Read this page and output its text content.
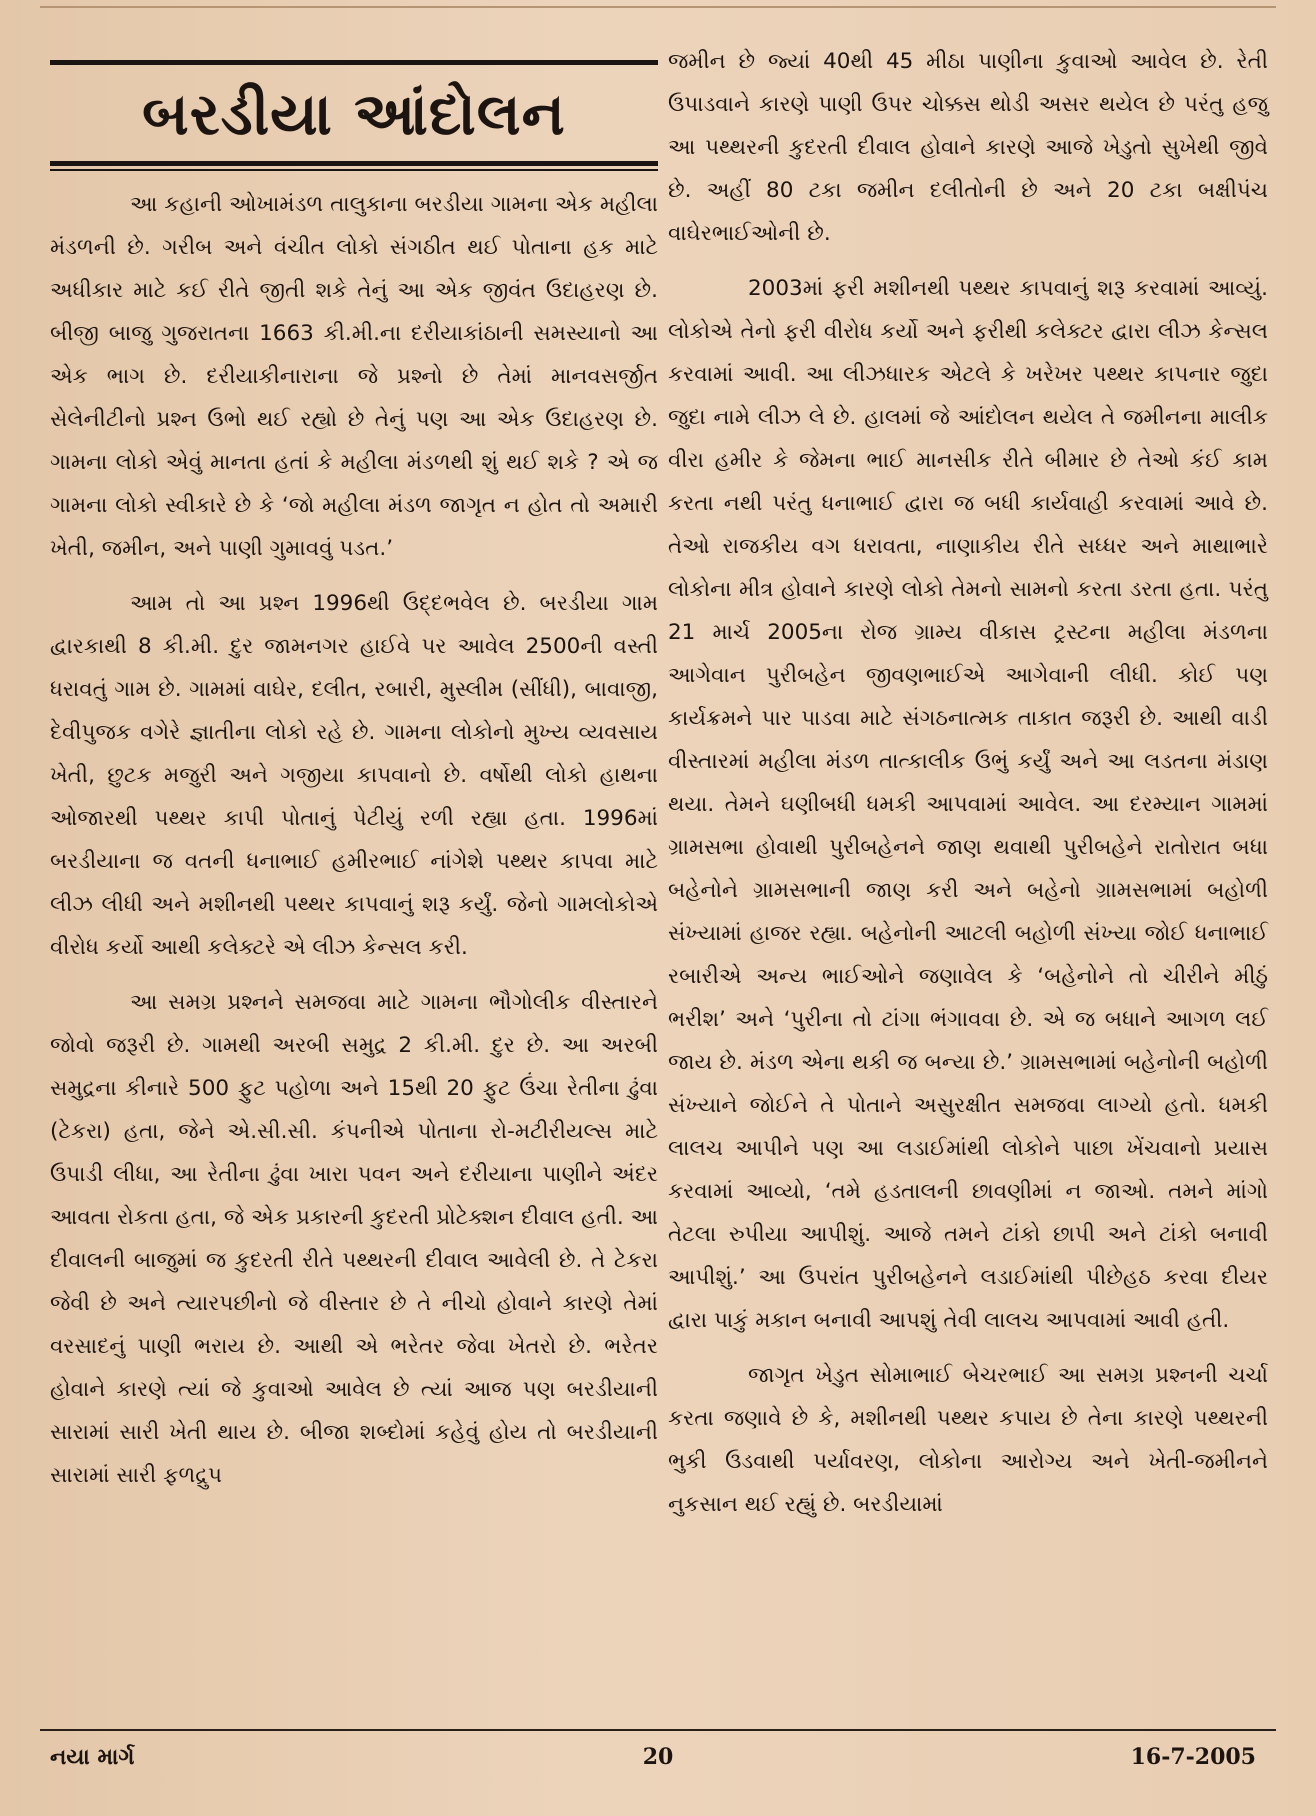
બરડીયા આંદોલન

આ કહાની ઓખામંડળ તાલુકાના બરડીયા ગામના એક મહીલા મંડળની છે. ગરીબ અને વંચીત લોકો સંગઠીત થઈ પોતાના હક માટે અધીકાર માટે કઈ રીતે જીતી શકે તેનું આ એક જીવંત ઉદાહરણ છે. બીજી બાજુ ગુજરાતના 1663 કી.મી.ના દરીયાકાંઠાની સમસ્યાનો આ એક ભાગ છે. દરીયાકીનારાના જે પ્રશ્નો છે તેમાં માનવસર્જીત સેલેનીટીનો પ્રશ્ન ઉભો થઈ રહ્યો છે તેનું પણ આ એક ઉદાહરણ છે. ગામના લોકો એવું માનતા હતાં કે મહીલા મંડળથી શું થઈ શકે ? એ જ ગામના લોકો સ્વીકારે છે કે ‘જો મહીલા મંડળ જાગૃત ન હોત તો અમારી ખેતી, જમીન, અને પાણી ગુમાવવું પડત.’

આમ તો આ પ્રશ્ન 1996થી ઉદ્દભવેલ છે. બરડીયા ગામ દ્વારકાથી 8 કી.મી. દુર જામનગર હાઈવે પર આવેલ 2500ની વસ્તી ધરાવતું ગામ છે. ગામમાં વાઘેર, દલીત, રબારી, મુસ્લીમ (સીંધી), બાવાજી, દેવીપુજક વગેરે જ્ઞાતીના લોકો રહે છે. ગામના લોકોનો મુખ્ય વ્યવસાય ખેતી, છુટક મજુરી અને ગજીયા કાપવાનો છે. વર્ષોથી લોકો હાથના ઓજારથી પથ્થર કાપી પોતાનું પેટીયું રળી રહ્યા હતા. 1996માં બરડીયાના જ વતની ધનાભાઈ હમીરભાઈ નાંગેશે પથ્થર કાપવા માટે લીઝ લીધી અને મશીનથી પથ્થર કાપવાનું શરૂ કર્યું. જેનો ગામલોકોએ વીરોધ કર્યો આથી કલેક્ટરે એ લીઝ કેન્સલ કરી.

આ સમગ્ર પ્રશ્નને સમજવા માટે ગામના ભૌગોલીક વીસ્તારને જોવો જરૂરી છે. ગામથી અરબી સમુદ્ર 2 કી.મી. દુર છે. આ અરબી સમુદ્રના કીનારે 500 ફુટ પહોળા અને 15થી 20 ફુટ ઉંચા રેતીના ઢુંવા (ટેકરા) હતા, જેને એ.સી.સી. કંપનીએ પોતાના રો-મટીરીયલ્સ માટે ઉપાડી લીધા, આ રેતીના ઢુંવા ખારા પવન અને દરીયાના પાણીને અંદર આવતા રોકતા હતા, જે એક પ્રકારની કુદરતી પ્રોટેક્શન દીવાલ હતી. આ દીવાલની બાજુમાં જ કુદરતી રીતે પથ્થરની દીવાલ આવેલી છે. તે ટેકરા જેવી છે અને ત્યારપછીનો જે વીસ્તાર છે તે નીચો હોવાને કારણે તેમાં વરસાદનું પાણી ભરાય છે. આથી એ ભરેતર જેવા ખેતરો છે. ભરેતર હોવાને કારણે ત્યાં જે કુવાઓ આવેલ છે ત્યાં આજ પણ બરડીયાની સારામાં સારી ખેતી થાય છે. બીજા શબ્દોમાં કહેવું હોય તો બરડીયાની સારામાં સારી ફળદ્રુપ

જમીન છે જ્યાં 40થી 45 મીઠા પાણીના કુવાઓ આવેલ છે. રેતી ઉપાડવાને કારણે પાણી ઉપર ચોક્કસ થોડી અસર થયેલ છે પરંતુ હજુ આ પથ્થરની કુદરતી દીવાલ હોવાને કારણે આજે ખેડુતો સુખેથી જીવે છે. અહીં 80 ટકા જમીન દલીતોની છે અને 20 ટકા બક્ષીપંચ વાઘેરભાઈઓની છે.

2003માં ફરી મશીનથી પથ્થર કાપવાનું શરૂ કરવામાં આવ્યું. લોકોએ તેનો ફરી વીરોધ કર્યો અને ફરીથી કલેક્ટર દ્વારા લીઝ કેન્સલ કરવામાં આવી. આ લીઝધારક એટલે કે ખરેખર પથ્થર કાપનાર જુદા જુદા નામે લીઝ લે છે. હાલમાં જે આંદોલન થયેલ તે જમીનના માલીક વીરા હમીર કે જેમના ભાઈ માનસીક રીતે બીમાર છે તેઓ કંઈ કામ કરતા નથી પરંતુ ધનાભાઈ દ્વારા જ બધી કાર્યવાહી કરવામાં આવે છે. તેઓ રાજકીય વગ ધરાવતા, નાણાકીય રીતે સધ્ધર અને માથાભારે લોકોના મીત્ર હોવાને કારણે લોકો તેમનો સામનો કરતા ડરતા હતા. પરંતુ 21 માર્ચ 2005ના રોજ ગ્રામ્ય વીકાસ ટ્રસ્ટના મહીલા મંડળના આગેવાન પુરીબહેન જીવણભાઈએ આગેવાની લીધી. કોઈ પણ કાર્યક્રમને પાર પાડવા માટે સંગઠનાત્મક તાકાત જરૂરી છે. આથી વાડી વીસ્તારમાં મહીલા મંડળ તાત્કાલીક ઉભું કર્યું અને આ લડતના મંડાણ થયા. તેમને ઘણીબધી ધમકી આપવામાં આવેલ. આ દરમ્યાન ગામમાં ગ્રામસભા હોવાથી પુરીબહેનને જાણ થવાથી પુરીબહેને રાતોરાત બધા બહેનોને ગ્રામસભાની જાણ કરી અને બહેનો ગ્રામસભામાં બહોળી સંખ્યામાં હાજર રહ્યા. બહેનોની આટલી બહોળી સંખ્યા જોઈ ધનાભાઈ રબારીએ અન્ય ભાઈઓને જણાવેલ કે ‘બહેનોને તો ચીરીને મીઠું ભરીશ’ અને ‘પુરીના તો ટાંગા ભંગાવવા છે. એ જ બધાને આગળ લઈ જાય છે. મંડળ એના થકી જ બન્યા છે.’ ગ્રામસભામાં બહેનોની બહોળી સંખ્યાને જોઈને તે પોતાને અસુરક્ષીત સમજવા લાગ્યો હતો. ધમકી લાલચ આપીને પણ આ લડાઈમાંથી લોકોને પાછા ખેંચવાનો પ્રયાસ કરવામાં આવ્યો, ‘તમે હડતાલની છાવણીમાં ન જાઓ. તમને માંગો તેટલા રુપીયા આપીશું. આજે તમને ટાંકો છાપી અને ટાંકો બનાવી આપીશું.’ આ ઉપરાંત પુરીબહેનને લડાઈમાંથી પીછેહઠ કરવા દીયર દ્વારા પાકું મકાન બનાવી આપશું તેવી લાલચ આપવામાં આવી હતી.

જાગૃત ખેડુત સોમાભાઈ બેચરભાઈ આ સમગ્ર પ્રશ્નની ચર્ચા કરતા જણાવે છે કે, મશીનથી પથ્થર કપાય છે તેના કારણે પથ્થરની ભુકી ઉડવાથી પર્યાવરણ, લોકોના આરોગ્ય અને ખેતી-જમીનને નુકસાન થઈ રહ્યું છે. બરડીયામાં

નયા માર્ગ	20	16-7-2005
